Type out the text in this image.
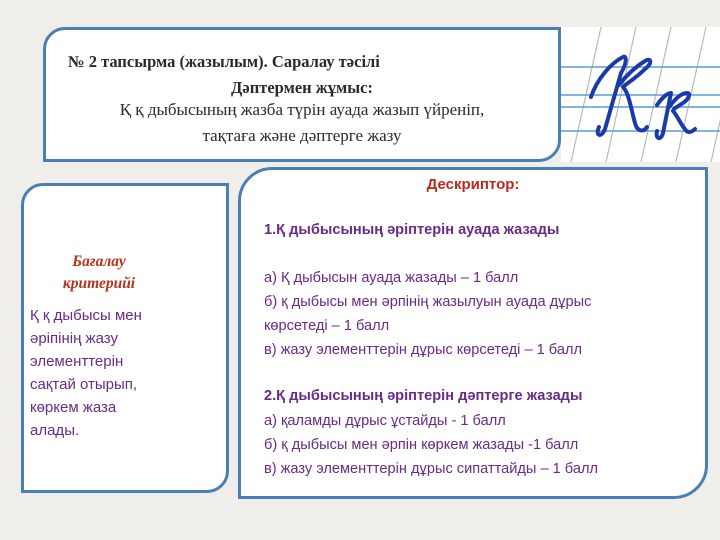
№ 2 тапсырма (жазылым). Саралау тәсілі
Дәптермен жұмыс:
Қ қ дыбысының жазба түрін ауада жазып үйреніп,
тақтаға және дәптерге жазу
Бағалау
критерийі
Қ қ дыбысы мен
әріпінің жазу
элементтерін
сақтай отырып,
көркем жаза
алады.
Дескриптор:
1.Қ дыбысының әріптерін ауада жазады
а) Қ дыбысын ауада жазады – 1 балл
б) қ дыбысы мен әрпінің жазылуын ауада дұрыс
көрсетеді – 1 балл
в) жазу элементтерін дұрыс көрсетеді – 1 балл
2.Қ дыбысының әріптерін дәптерге жазады
а) қаламды дұрыс ұстайды - 1 балл
б) қ дыбысы мен әрпін көркем жазады -1 балл
в) жазу элементтерін дұрыс сипаттайды – 1 балл
